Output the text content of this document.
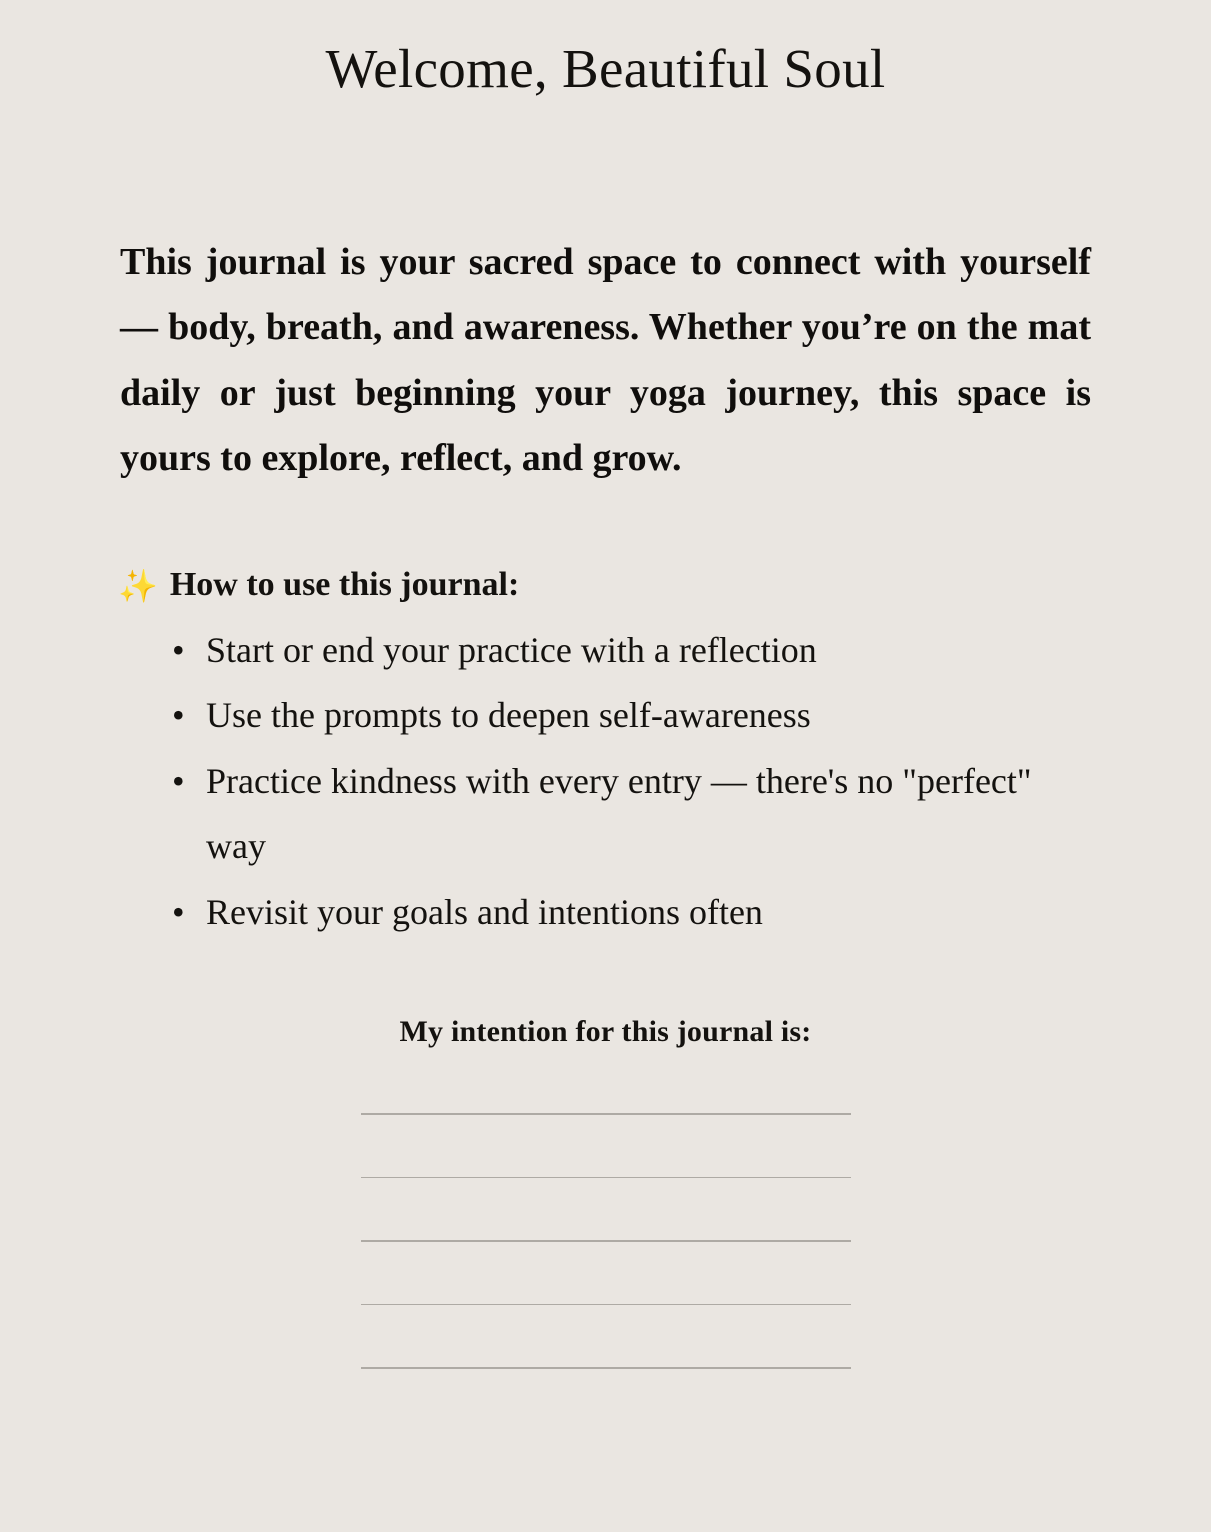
Welcome, Beautiful Soul

This journal is your sacred space to connect with yourself — body, breath, and awareness. Whether you’re on the mat daily or just beginning your yoga journey, this space is yours to explore, reflect, and grow.

✨ How to use this journal:
• Start or end your practice with a reflection
• Use the prompts to deepen self-awareness
• Practice kindness with every entry — there's no "perfect" way
• Revisit your goals and intentions often
My intention for this journal is:
